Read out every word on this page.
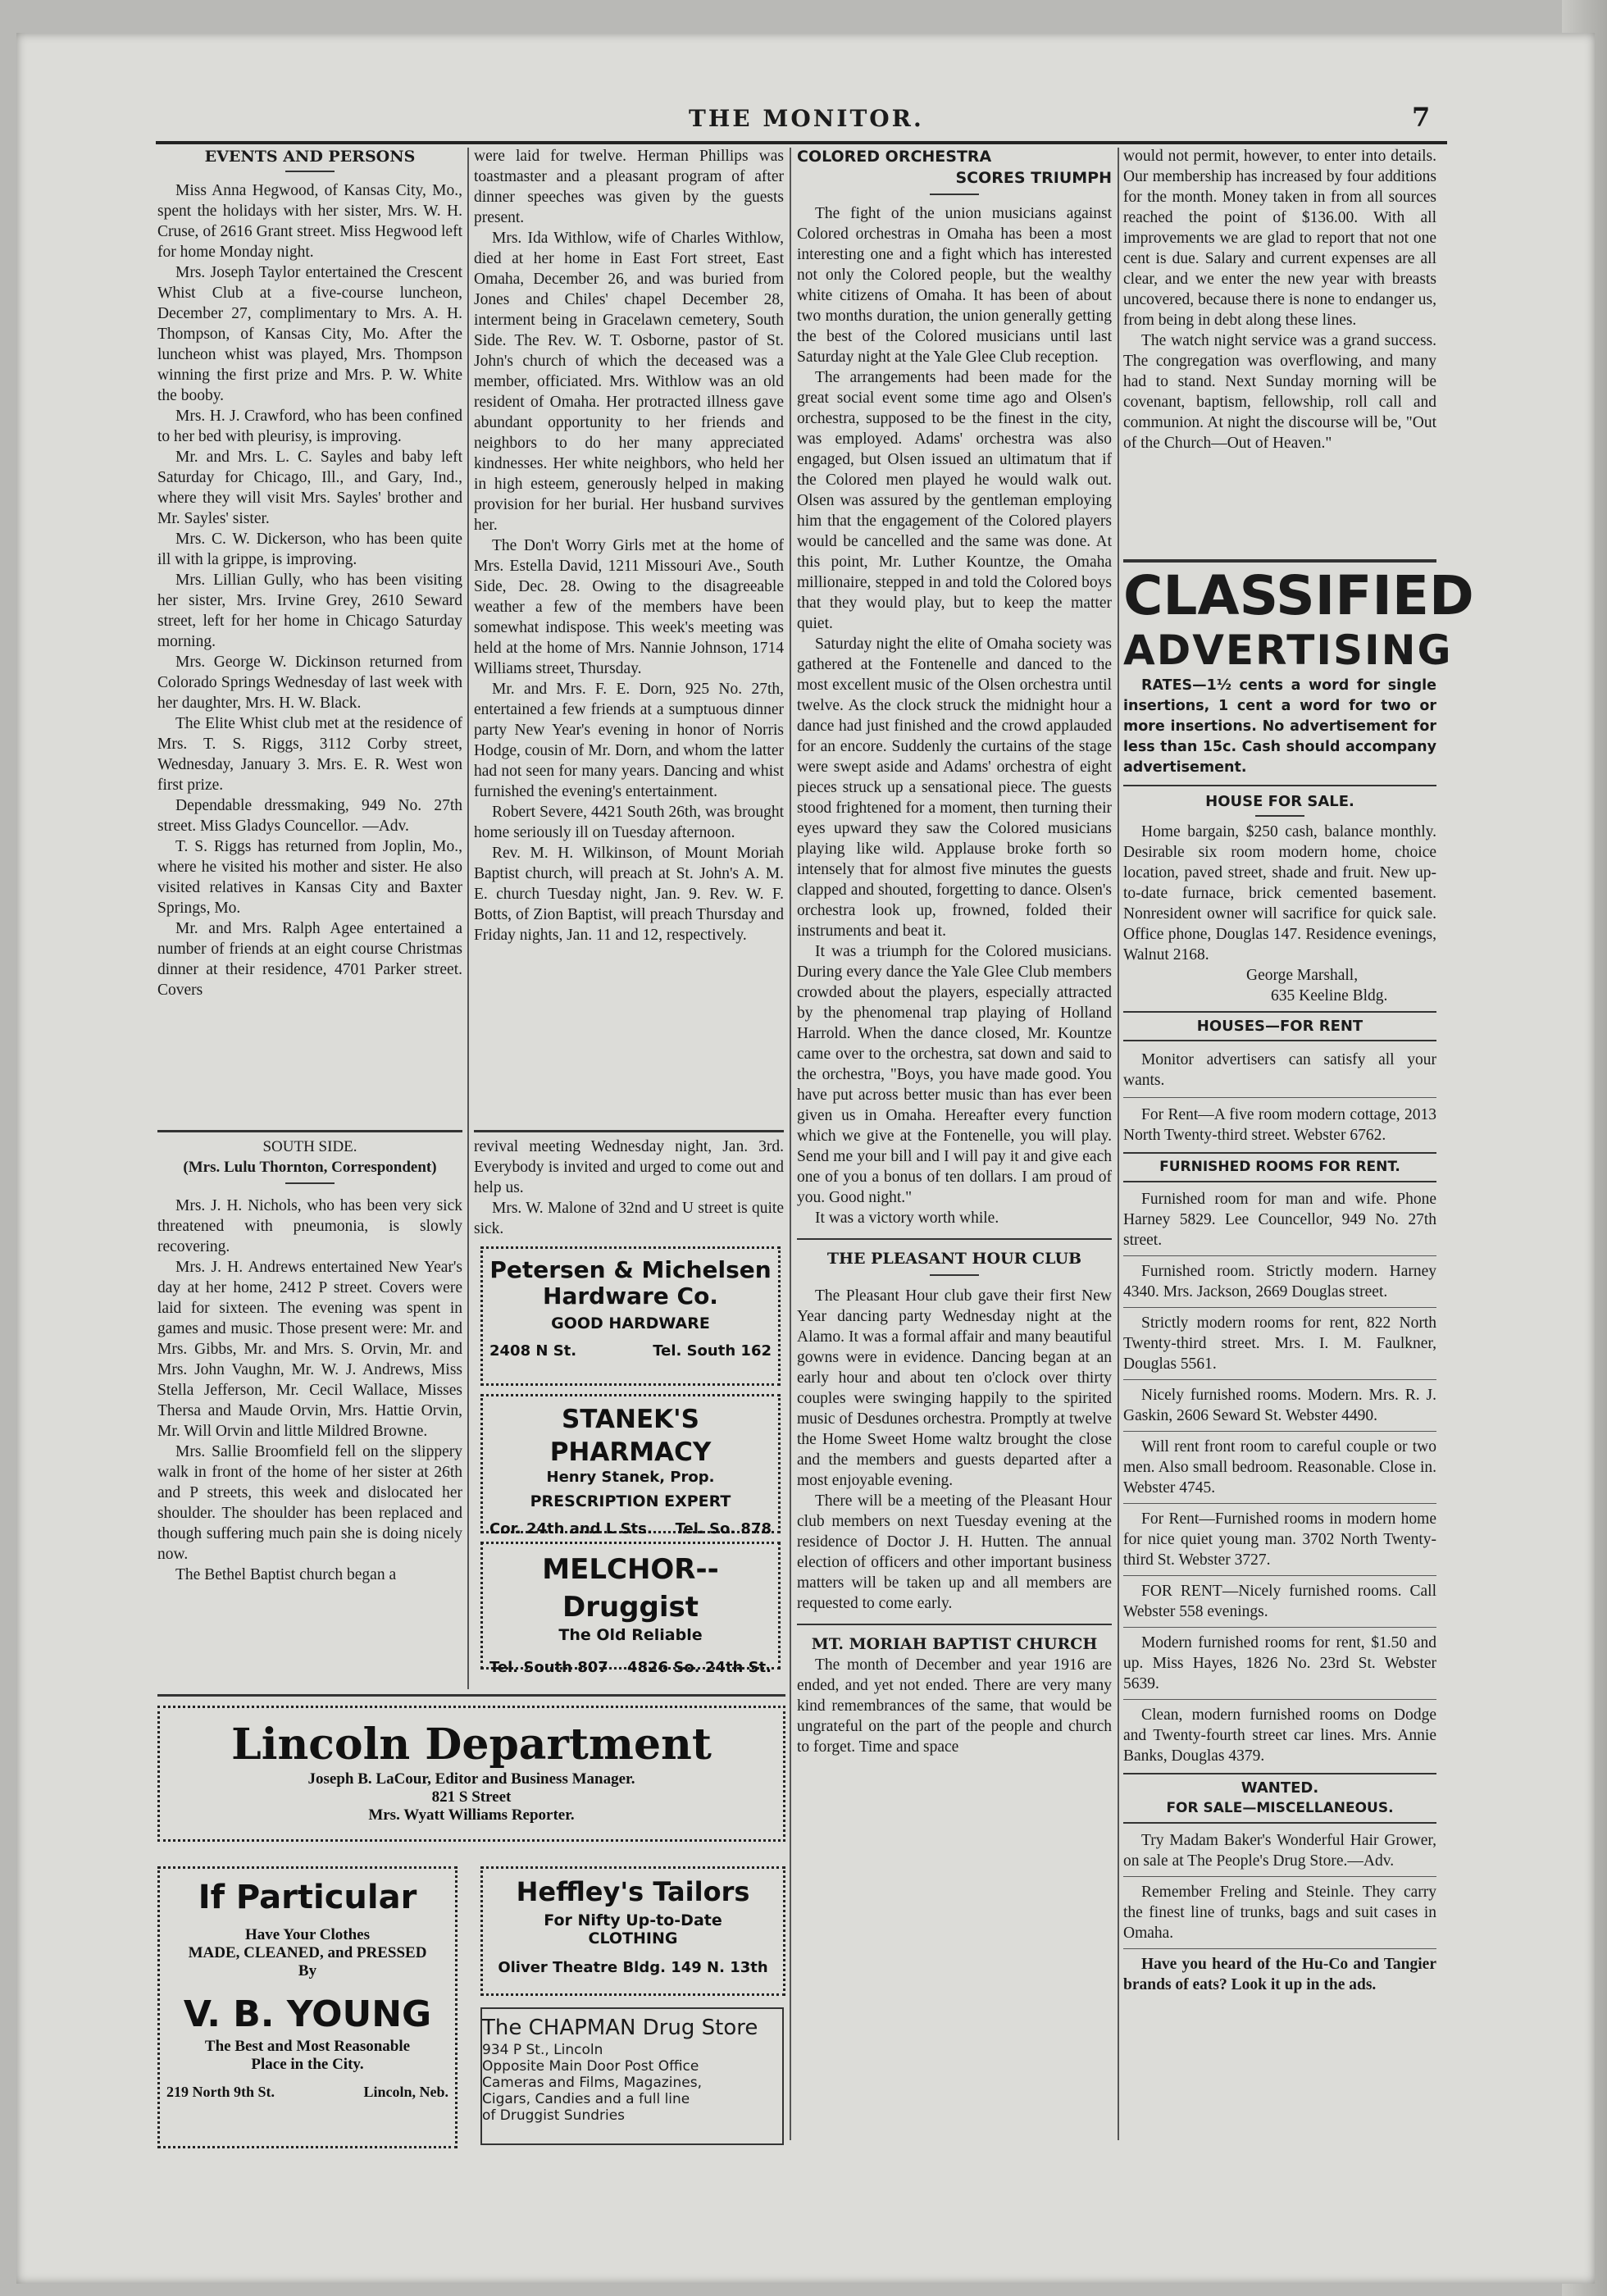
THE MONITOR.	7
EVENTS AND PERSONS

Miss Anna Hegwood, of Kansas City, Mo., spent the holidays with her sister, Mrs. W. H. Cruse, of 2616 Grant street. Miss Hegwood left for home Monday night.

Mrs. Joseph Taylor entertained the Crescent Whist Club at a five-course luncheon, December 27, complimentary to Mrs. A. H. Thompson, of Kansas City, Mo. After the luncheon whist was played, Mrs. Thompson winning the first prize and Mrs. P. W. White the booby.

Mrs. H. J. Crawford, who has been confined to her bed with pleurisy, is improving.

Mr. and Mrs. L. C. Sayles and baby left Saturday for Chicago, Ill., and Gary, Ind., where they will visit Mrs. Sayles' brother and Mr. Sayles' sister.

Mrs. C. W. Dickerson, who has been quite ill with la grippe, is improving.

Mrs. Lillian Gully, who has been visiting her sister, Mrs. Irvine Grey, 2610 Seward street, left for her home in Chicago Saturday morning.

Mrs. George W. Dickinson returned from Colorado Springs Wednesday of last week with her daughter, Mrs. H. W. Black.

The Elite Whist club met at the residence of Mrs. T. S. Riggs, 3112 Corby street, Wednesday, January 3. Mrs. E. R. West won first prize.

Dependable dressmaking, 949 No. 27th street. Miss Gladys Councellor. —Adv.

T. S. Riggs has returned from Joplin, Mo., where he visited his mother and sister. He also visited relatives in Kansas City and Baxter Springs, Mo.

Mr. and Mrs. Ralph Agee entertained a number of friends at an eight course Christmas dinner at their residence, 4701 Parker street. Covers

SOUTH SIDE.
(Mrs. Lulu Thornton, Correspondent)

Mrs. J. H. Nichols, who has been very sick threatened with pneumonia, is slowly recovering.

Mrs. J. H. Andrews entertained New Year's day at her home, 2412 P street. Covers were laid for sixteen. The evening was spent in games and music. Those present were: Mr. and Mrs. Gibbs, Mr. and Mrs. S. Orvin, Mr. and Mrs. John Vaughn, Mr. W. J. Andrews, Miss Stella Jefferson, Mr. Cecil Wallace, Misses Thersa and Maude Orvin, Mrs. Hattie Orvin, Mr. Will Orvin and little Mildred Browne.

Mrs. Sallie Broomfield fell on the slippery walk in front of the home of her sister at 26th and P streets, this week and dislocated her shoulder. The shoulder has been replaced and though suffering much pain she is doing nicely now.

The Bethel Baptist church began a

were laid for twelve. Herman Phillips was toastmaster and a pleasant program of after dinner speeches was given by the guests present.

Mrs. Ida Withlow, wife of Charles Withlow, died at her home in East Fort street, East Omaha, December 26, and was buried from Jones and Chiles' chapel December 28, interment being in Gracelawn cemetery, South Side. The Rev. W. T. Osborne, pastor of St. John's church of which the deceased was a member, officiated. Mrs. Withlow was an old resident of Omaha. Her protracted illness gave abundant opportunity to her friends and neighbors to do her many appreciated kindnesses. Her white neighbors, who held her in high esteem, generously helped in making provision for her burial. Her husband survives her.

The Don't Worry Girls met at the home of Mrs. Estella David, 1211 Missouri Ave., South Side, Dec. 28. Owing to the disagreeable weather a few of the members have been somewhat indispose. This week's meeting was held at the home of Mrs. Nannie Johnson, 1714 Williams street, Thursday.

Mr. and Mrs. F. E. Dorn, 925 No. 27th, entertained a few friends at a sumptuous dinner party New Year's evening in honor of Norris Hodge, cousin of Mr. Dorn, and whom the latter had not seen for many years. Dancing and whist furnished the evening's entertainment.

Robert Severe, 4421 South 26th, was brought home seriously ill on Tuesday afternoon.

Rev. M. H. Wilkinson, of Mount Moriah Baptist church, will preach at St. John's A. M. E. church Tuesday night, Jan. 9. Rev. W. F. Botts, of Zion Baptist, will preach Thursday and Friday nights, Jan. 11 and 12, respectively.

revival meeting Wednesday night, Jan. 3rd. Everybody is invited and urged to come out and help us.

Mrs. W. Malone of 32nd and U street is quite sick.

Petersen & Michelsen Hardware Co.
GOOD HARDWARE
2408 N St.	Tel. South 162
STANEK'S PHARMACY
Henry Stanek, Prop.
PRESCRIPTION EXPERT
Cor. 24th and L Sts. Tel. So. 878
MELCHOR--Druggist
The Old Reliable
Tel. South 807 4826 So. 24th St.
COLORED ORCHESTRA
SCORES TRIUMPH

The fight of the union musicians against Colored orchestras in Omaha has been a most interesting one and a fight which has interested not only the Colored people, but the wealthy white citizens of Omaha. It has been of about two months duration, the union generally getting the best of the Colored musicians until last Saturday night at the Yale Glee Club reception.

The arrangements had been made for the great social event some time ago and Olsen's orchestra, supposed to be the finest in the city, was employed. Adams' orchestra was also engaged, but Olsen issued an ultimatum that if the Colored men played he would walk out. Olsen was assured by the gentleman employing him that the engagement of the Colored players would be cancelled and the same was done. At this point, Mr. Luther Kountze, the Omaha millionaire, stepped in and told the Colored boys that they would play, but to keep the matter quiet.

Saturday night the elite of Omaha society was gathered at the Fontenelle and danced to the most excellent music of the Olsen orchestra until twelve. As the clock struck the midnight hour a dance had just finished and the crowd applauded for an encore. Suddenly the curtains of the stage were swept aside and Adams' orchestra of eight pieces struck up a sensational piece. The guests stood frightened for a moment, then turning their eyes upward they saw the Colored musicians playing like wild. Applause broke forth so intensely that for almost five minutes the guests clapped and shouted, forgetting to dance. Olsen's orchestra look up, frowned, folded their instruments and beat it.

It was a triumph for the Colored musicians. During every dance the Yale Glee Club members crowded about the players, especially attracted by the phenomenal trap playing of Holland Harrold. When the dance closed, Mr. Kountze came over to the orchestra, sat down and said to the orchestra, "Boys, you have made good. You have put across better music than has ever been given us in Omaha. Hereafter every function which we give at the Fontenelle, you will play. Send me your bill and I will pay it and give each one of you a bonus of ten dollars. I am proud of you. Good night."

It was a victory worth while.

THE PLEASANT HOUR CLUB

The Pleasant Hour club gave their first New Year dancing party Wednesday night at the Alamo. It was a formal affair and many beautiful gowns were in evidence. Dancing began at an early hour and about ten o'clock over thirty couples were swinging happily to the spirited music of Desdunes orchestra. Promptly at twelve the Home Sweet Home waltz brought the close and the members and guests departed after a most enjoyable evening.

There will be a meeting of the Pleasant Hour club members on next Tuesday evening at the residence of Doctor J. H. Hutten. The annual election of officers and other important business matters will be taken up and all members are requested to come early.

MT. MORIAH BAPTIST CHURCH

The month of December and year 1916 are ended, and yet not ended. There are very many kind remembrances of the same, that would be ungrateful on the part of the people and church to forget. Time and space

would not permit, however, to enter into details. Our membership has increased by four additions for the month. Money taken in from all sources reached the point of $136.00. With all improvements we are glad to report that not one cent is due. Salary and current expenses are all clear, and we enter the new year with breasts uncovered, because there is none to endanger us, from being in debt along these lines.

The watch night service was a grand success. The congregation was overflowing, and many had to stand. Next Sunday morning will be covenant, baptism, fellowship, roll call and communion. At night the discourse will be, "Out of the Church—Out of Heaven."

CLASSIFIED
ADVERTISING

RATES—1½ cents a word for single insertions, 1 cent a word for two or more insertions. No advertisement for less than 15c. Cash should accompany advertisement.

HOUSE FOR SALE.

Home bargain, $250 cash, balance monthly. Desirable six room modern home, choice location, paved street, shade and fruit. New up-to-date furnace, brick cemented basement. Nonresident owner will sacrifice for quick sale. Office phone, Douglas 147. Residence evenings, Walnut 2168.

George Marshall,
635 Keeline Bldg.
HOUSES—FOR RENT

Monitor advertisers can satisfy all your wants.

For Rent—A five room modern cottage, 2013 North Twenty-third street. Webster 6762.

FURNISHED ROOMS FOR RENT.

Furnished room for man and wife. Phone Harney 5829. Lee Councellor, 949 No. 27th street.

Furnished room. Strictly modern. Harney 4340. Mrs. Jackson, 2669 Douglas street.

Strictly modern rooms for rent, 822 North Twenty-third street. Mrs. I. M. Faulkner, Douglas 5561.

Nicely furnished rooms. Modern. Mrs. R. J. Gaskin, 2606 Seward St. Webster 4490.

Will rent front room to careful couple or two men. Also small bedroom. Reasonable. Close in. Webster 4745.

For Rent—Furnished rooms in modern home for nice quiet young man. 3702 North Twenty-third St. Webster 3727.

FOR RENT—Nicely furnished rooms. Call Webster 558 evenings.

Modern furnished rooms for rent, $1.50 and up. Miss Hayes, 1826 No. 23rd St. Webster 5639.

Clean, modern furnished rooms on Dodge and Twenty-fourth street car lines. Mrs. Annie Banks, Douglas 4379.

WANTED.
FOR SALE—MISCELLANEOUS.

Try Madam Baker's Wonderful Hair Grower, on sale at The People's Drug Store.—Adv.

Remember Freling and Steinle. They carry the finest line of trunks, bags and suit cases in Omaha.

Have you heard of the Hu-Co and Tangier brands of eats? Look it up in the ads.

Lincoln Department
Joseph B. LaCour, Editor and Business Manager.
821 S Street
Mrs. Wyatt Williams Reporter.
If Particular
Have Your Clothes
MADE, CLEANED, and PRESSED
By
V. B. YOUNG
The Best and Most Reasonable
Place in the City.
219 North 9th St.	Lincoln, Neb.
Heffley's Tailors
For Nifty Up-to-Date
CLOTHING
Oliver Theatre Bldg. 149 N. 13th
The CHAPMAN Drug Store
934 P St., Lincoln
Opposite Main Door Post Office
Cameras and Films, Magazines,
Cigars, Candies and a full line
of Druggist Sundries
